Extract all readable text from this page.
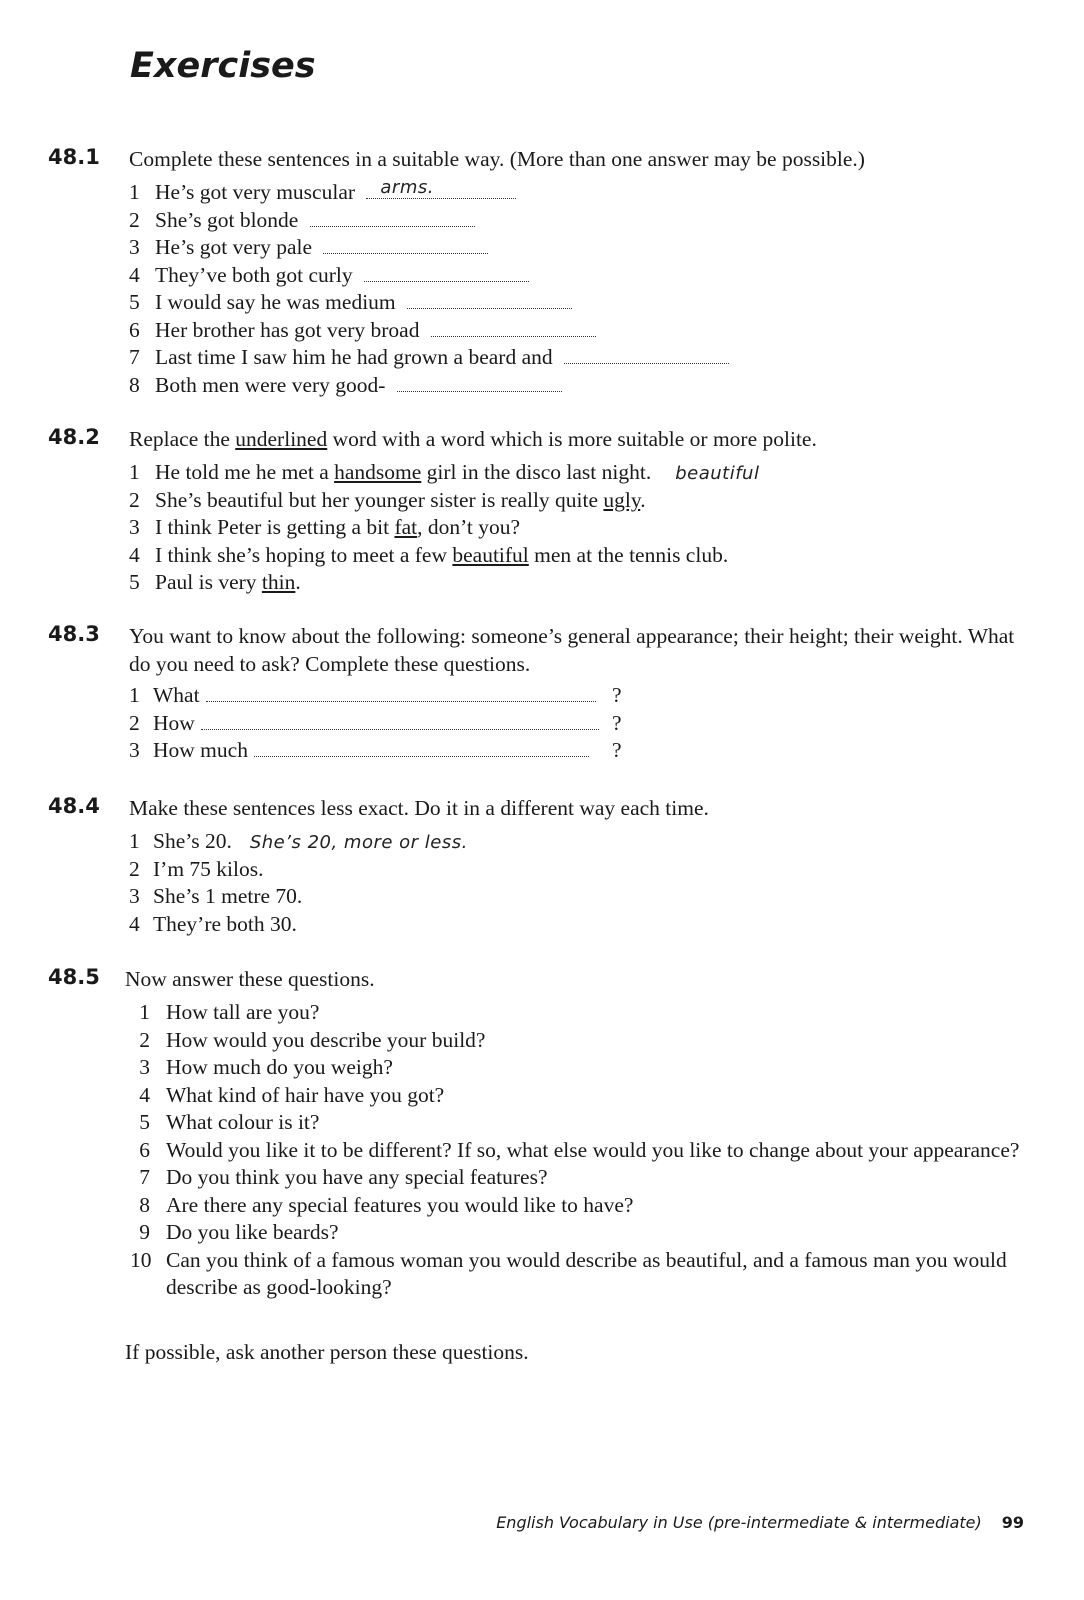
Exercises
48.1 Complete these sentences in a suitable way. (More than one answer may be possible.)
1 He’s got very muscular arms.
2 She’s got blonde
3 He’s got very pale
4 They’ve both got curly
5 I would say he was medium
6 Her brother has got very broad
7 Last time I saw him he had grown a beard and
8 Both men were very good-
48.2 Replace the underlined word with a word which is more suitable or more polite.
1 He told me he met a handsome girl in the disco last night. beautiful
2 She’s beautiful but her younger sister is really quite ugly.
3 I think Peter is getting a bit fat, don’t you?
4 I think she’s hoping to meet a few beautiful men at the tennis club.
5 Paul is very thin.
48.3 You want to know about the following: someone’s general appearance; their height; their weight. What do you need to ask? Complete these questions.
1 What	?
2 How	?
3 How much	?
48.4 Make these sentences less exact. Do it in a different way each time.
1 She’s 20. She’s 20, more or less.
2 I’m 75 kilos.
3 She’s 1 metre 70.
4 They’re both 30.
48.5 Now answer these questions.
1 How tall are you?
2 How would you describe your build?
3 How much do you weigh?
4 What kind of hair have you got?
5 What colour is it?
6 Would you like it to be different? If so, what else would you like to change about your appearance?
7 Do you think you have any special features?
8 Are there any special features you would like to have?
9 Do you like beards?
10 Can you think of a famous woman you would describe as beautiful, and a famous man you would describe as good-looking?
If possible, ask another person these questions.
English Vocabulary in Use (pre-intermediate & intermediate) 99
